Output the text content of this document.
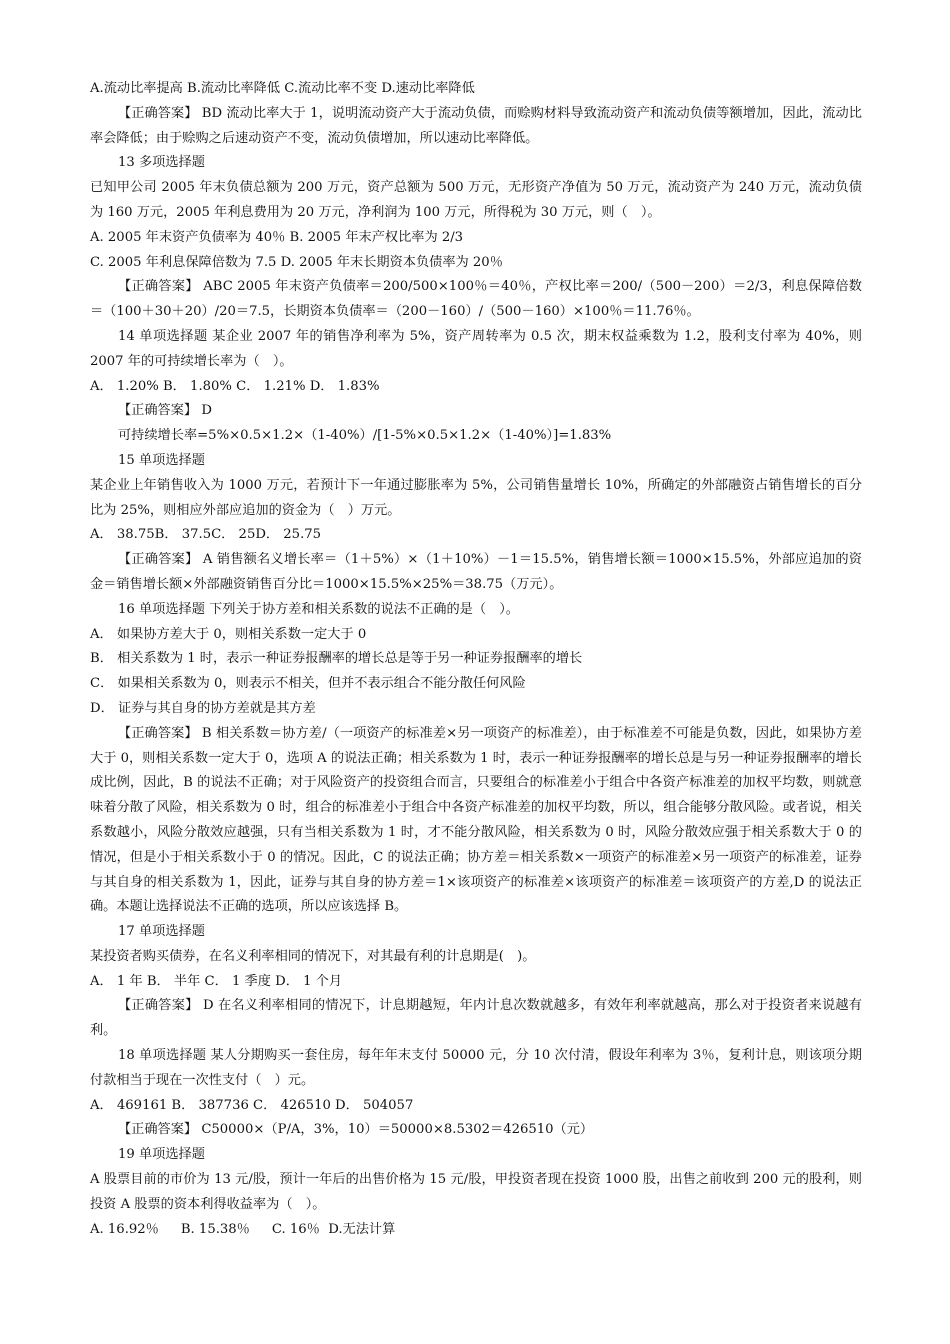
A.流动比率提高 B.流动比率降低 C.流动比率不变 D.速动比率降低

【正确答案】 BD 流动比率大于 1，说明流动资产大于流动负债，而赊购材料导致流动资产和流动负债等额增加，因此，流动比率会降低；由于赊购之后速动资产不变，流动负债增加，所以速动比率降低。

13 多项选择题

已知甲公司 2005 年末负债总额为 200 万元，资产总额为 500 万元，无形资产净值为 50 万元，流动资产为 240 万元，流动负债为 160 万元，2005 年利息费用为 20 万元，净利润为 100 万元，所得税为 30 万元，则（　）。

A. 2005 年末资产负债率为 40％ B. 2005 年末产权比率为 2/3

C. 2005 年利息保障倍数为 7.5 D. 2005 年末长期资本负债率为 20％

【正确答案】 ABC 2005 年末资产负债率＝200/500×100％＝40％，产权比率＝200/（500－200）＝2/3，利息保障倍数＝（100＋30＋20）/20＝7.5，长期资本负债率＝（200－160）/（500－160）×100％＝11.76％。

14 单项选择题 某企业 2007 年的销售净利率为 5%，资产周转率为 0.5 次，期末权益乘数为 1.2，股利支付率为 40%，则 2007 年的可持续增长率为（　）。

A． 1.20% B． 1.80% C． 1.21% D． 1.83%

【正确答案】 D

可持续增长率=5%×0.5×1.2×（1-40%）/[1-5%×0.5×1.2×（1-40%）]=1.83%

15 单项选择题

某企业上年销售收入为 1000 万元，若预计下一年通过膨胀率为 5%，公司销售量增长 10%，所确定的外部融资占销售增长的百分比为 25%，则相应外部应追加的资金为（　）万元。

A． 38.75B． 37.5C． 25D． 25.75

【正确答案】 A 销售额名义增长率＝（1＋5%）×（1＋10%）－1＝15.5%，销售增长额＝1000×15.5%，外部应追加的资金＝销售增长额×外部融资销售百分比＝1000×15.5%×25%＝38.75（万元）。

16 单项选择题 下列关于协方差和相关系数的说法不正确的是（　）。

A． 如果协方差大于 0，则相关系数一定大于 0

B． 相关系数为 1 时，表示一种证券报酬率的增长总是等于另一种证券报酬率的增长

C． 如果相关系数为 0，则表示不相关，但并不表示组合不能分散任何风险

D． 证券与其自身的协方差就是其方差

【正确答案】 B 相关系数＝协方差/（一项资产的标准差×另一项资产的标准差），由于标准差不可能是负数，因此，如果协方差大于 0，则相关系数一定大于 0，选项 A 的说法正确；相关系数为 1 时，表示一种证券报酬率的增长总是与另一种证券报酬率的增长成比例，因此，B 的说法不正确；对于风险资产的投资组合而言，只要组合的标准差小于组合中各资产标准差的加权平均数，则就意味着分散了风险，相关系数为 0 时，组合的标准差小于组合中各资产标准差的加权平均数，所以，组合能够分散风险。或者说，相关系数越小，风险分散效应越强，只有当相关系数为 1 时，才不能分散风险，相关系数为 0 时，风险分散效应强于相关系数大于 0 的情况，但是小于相关系数小于 0 的情况。因此，C 的说法正确；协方差＝相关系数×一项资产的标准差×另一项资产的标准差，证券与其自身的相关系数为 1，因此，证券与其自身的协方差＝1×该项资产的标准差×该项资产的标准差＝该项资产的方差,D 的说法正确。本题让选择说法不正确的选项，所以应该选择 B。

17 单项选择题

某投资者购买债券，在名义利率相同的情况下，对其最有利的计息期是(　)。

A． 1 年 B． 半年 C． 1 季度 D． 1 个月

【正确答案】 D 在名义利率相同的情况下，计息期越短，年内计息次数就越多，有效年利率就越高，那么对于投资者来说越有利。

18 单项选择题 某人分期购买一套住房，每年年末支付 50000 元，分 10 次付清，假设年利率为 3％，复利计息，则该项分期付款相当于现在一次性支付（　）元。

A． 469161 B． 387736 C． 426510 D． 504057

【正确答案】 C50000×（P/A，3%，10）＝50000×8.5302＝426510（元）

19 单项选择题

A 股票目前的市价为 13 元/股，预计一年后的出售价格为 15 元/股，甲投资者现在投资 1000 股，出售之前收到 200 元的股利，则投资 A 股票的资本利得收益率为（　）。

A. 16.92％ B. 15.38％ C. 16％ D.无法计算
